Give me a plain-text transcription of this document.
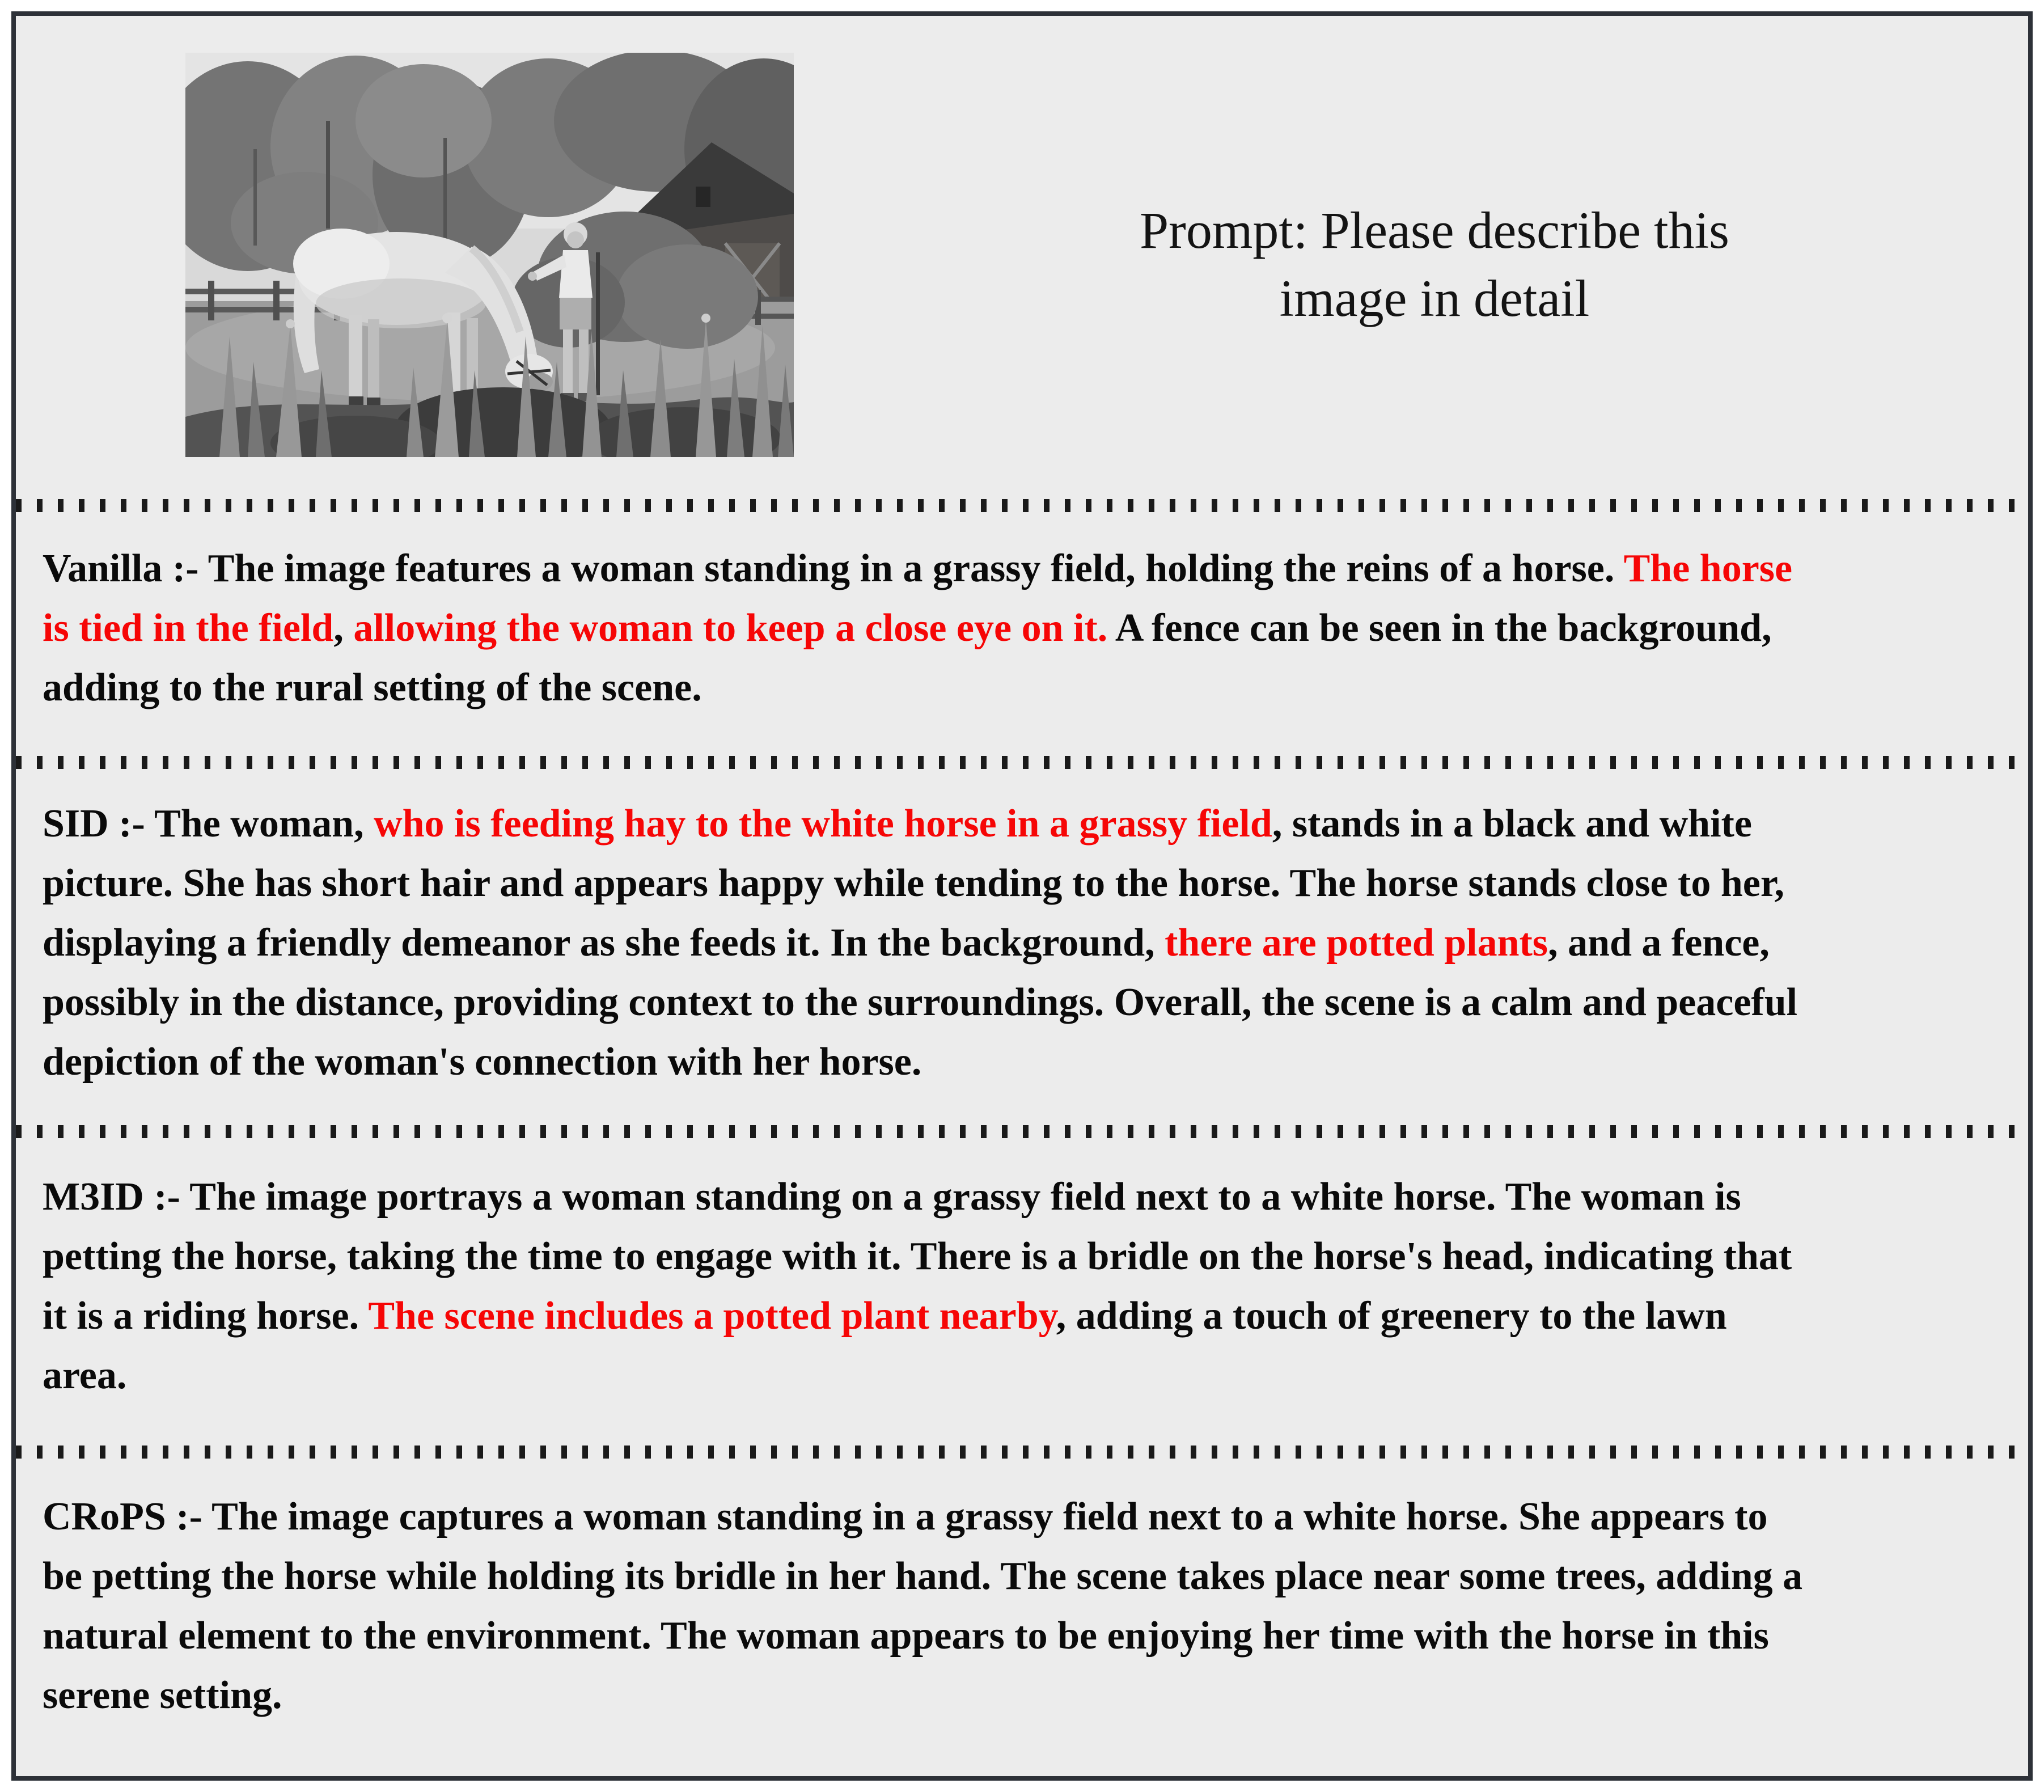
Prompt: Please describe this
image in detail
Vanilla :- The image features a woman standing in a grassy field, holding the reins of a horse. The horse
is tied in the field, allowing the woman to keep a close eye on it. A fence can be seen in the background,
adding to the rural setting of the scene.
SID :- The woman, who is feeding hay to the white horse in a grassy field, stands in a black and white
picture. She has short hair and appears happy while tending to the horse. The horse stands close to her,
displaying a friendly demeanor as she feeds it. In the background, there are potted plants, and a fence,
possibly in the distance, providing context to the surroundings. Overall, the scene is a calm and peaceful
depiction of the woman's connection with her horse.
M3ID :- The image portrays a woman standing on a grassy field next to a white horse. The woman is
petting the horse, taking the time to engage with it. There is a bridle on the horse's head, indicating that
it is a riding horse. The scene includes a potted plant nearby, adding a touch of greenery to the lawn
area.
CRoPS :- The image captures a woman standing in a grassy field next to a white horse. She appears to
be petting the horse while holding its bridle in her hand. The scene takes place near some trees, adding a
natural element to the environment. The woman appears to be enjoying her time with the horse in this
serene setting.
